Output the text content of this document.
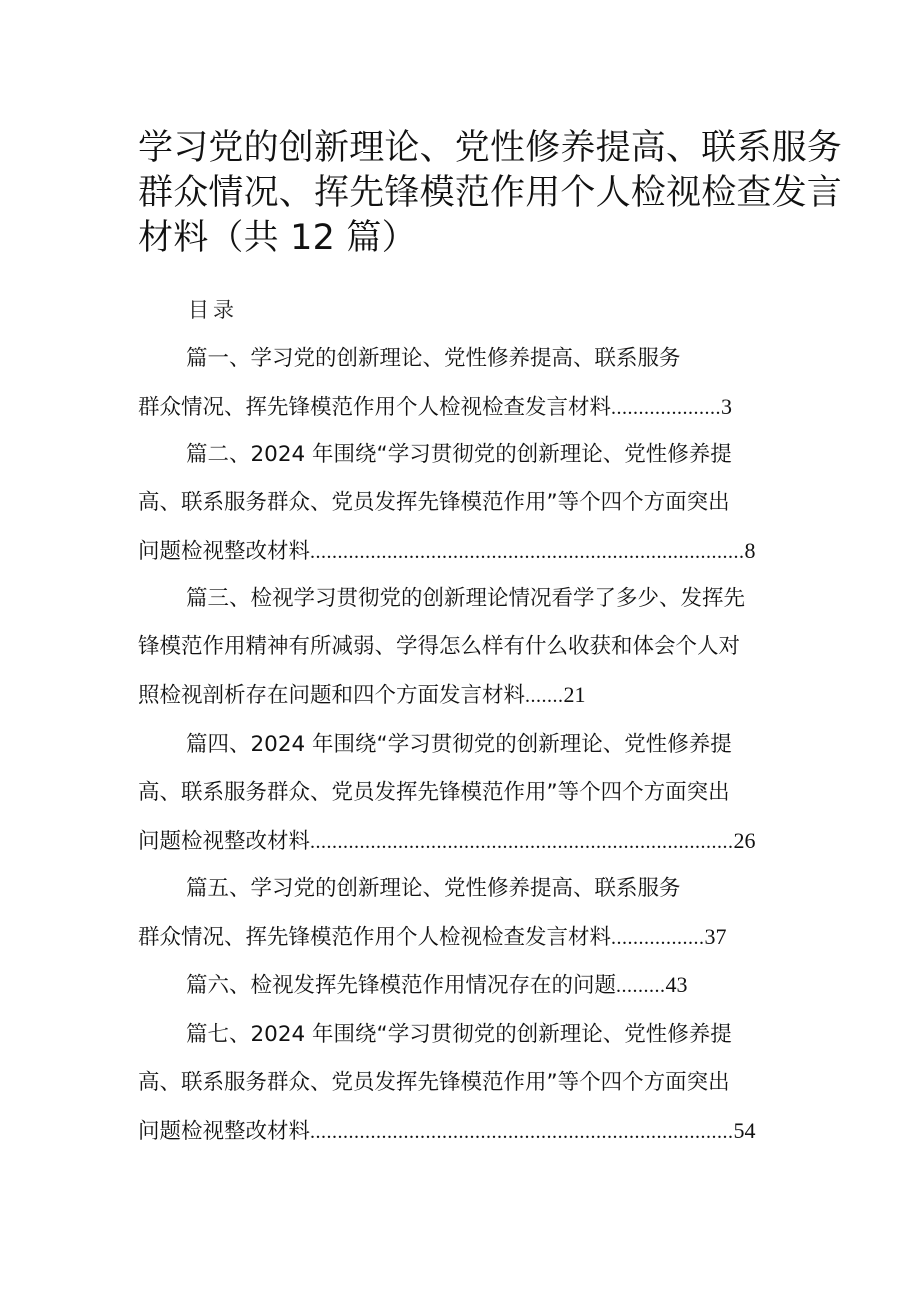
学习党的创新理论、党性修养提高、联系服务
群众情况、挥先锋模范作用个人检视检查发言
材料（共 12 篇）
目录
篇一、学习党的创新理论、党性修养提高、联系服务
群众情况、挥先锋模范作用个人检视检查发言材料 .................... 3
篇二、2024 年围绕“学习贯彻党的创新理论、党性修养提
高、联系服务群众、党员发挥先锋模范作用”等个四个方面突出
问题检视整改材料 ............................................................................... 8
篇三、检视学习贯彻党的创新理论情况看学了多少、发挥先
锋模范作用精神有所减弱、学得怎么样有什么收获和体会个人对
照检视剖析存在问题和四个方面发言材料 ....... 21
篇四、2024 年围绕“学习贯彻党的创新理论、党性修养提
高、联系服务群众、党员发挥先锋模范作用”等个四个方面突出
问题检视整改材料 ............................................................................. 26
篇五、学习党的创新理论、党性修养提高、联系服务
群众情况、挥先锋模范作用个人检视检查发言材料 ................. 37
篇六、检视发挥先锋模范作用情况存在的问题 ......... 43
篇七、2024 年围绕“学习贯彻党的创新理论、党性修养提
高、联系服务群众、党员发挥先锋模范作用”等个四个方面突出
问题检视整改材料 ............................................................................. 54
